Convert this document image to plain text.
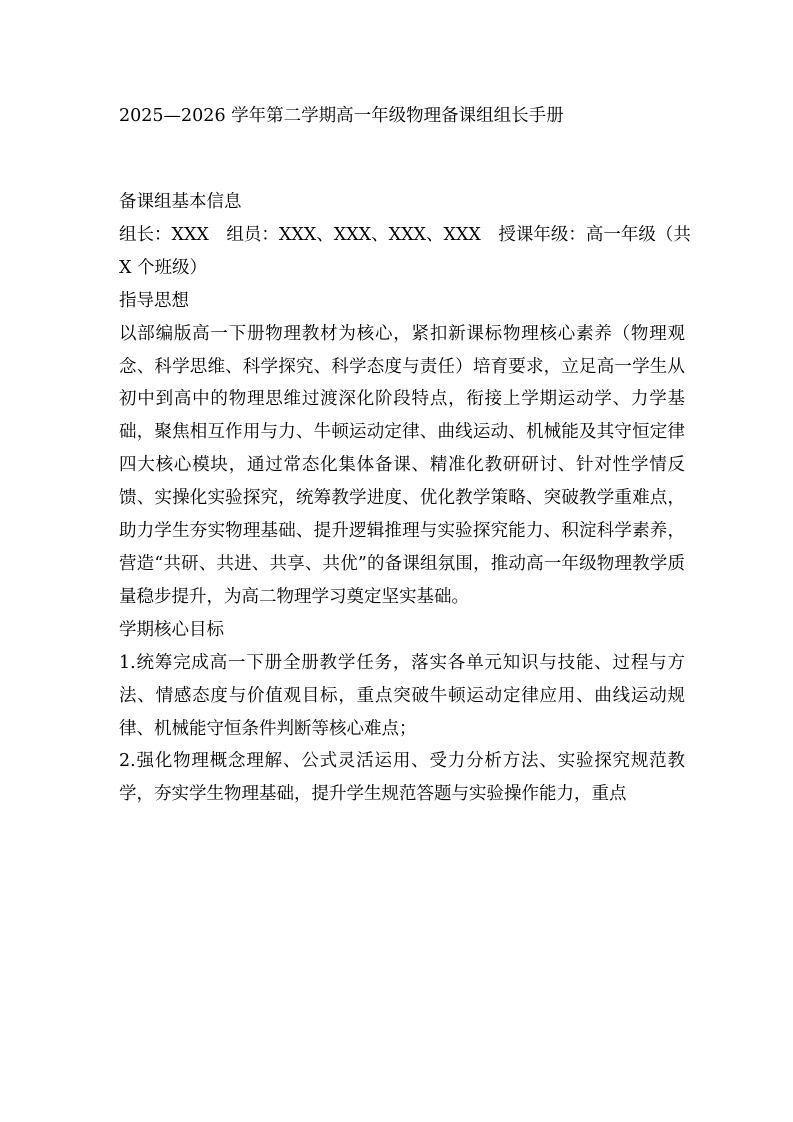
2025—2026 学年第二学期高一年级物理备课组组长手册

备课组基本信息

组长：XXX　组员：XXX、XXX、XXX、XXX　授课年级：高一年级（共

X 个班级）

指导思想

以部编版高一下册物理教材为核心，紧扣新课标物理核心素养（物理观念、科学思维、科学探究、科学态度与责任）培育要求，立足高一学生从初中到高中的物理思维过渡深化阶段特点，衔接上学期运动学、力学基础，聚焦相互作用与力、牛顿运动定律、曲线运动、机械能及其守恒定律四大核心模块，通过常态化集体备课、精准化教研研讨、针对性学情反馈、实操化实验探究，统筹教学进度、优化教学策略、突破教学重难点，助力学生夯实物理基础、提升逻辑推理与实验探究能力、积淀科学素养，营造“共研、共进、共享、共优”的备课组氛围，推动高一年级物理教学质量稳步提升，为高二物理学习奠定坚实基础。

学期核心目标

1.统筹完成高一下册全册教学任务，落实各单元知识与技能、过程与方法、情感态度与价值观目标，重点突破牛顿运动定律应用、曲线运动规律、机械能守恒条件判断等核心难点；

2.强化物理概念理解、公式灵活运用、受力分析方法、实验探究规范教学，夯实学生物理基础，提升学生规范答题与实验操作能力，重点
